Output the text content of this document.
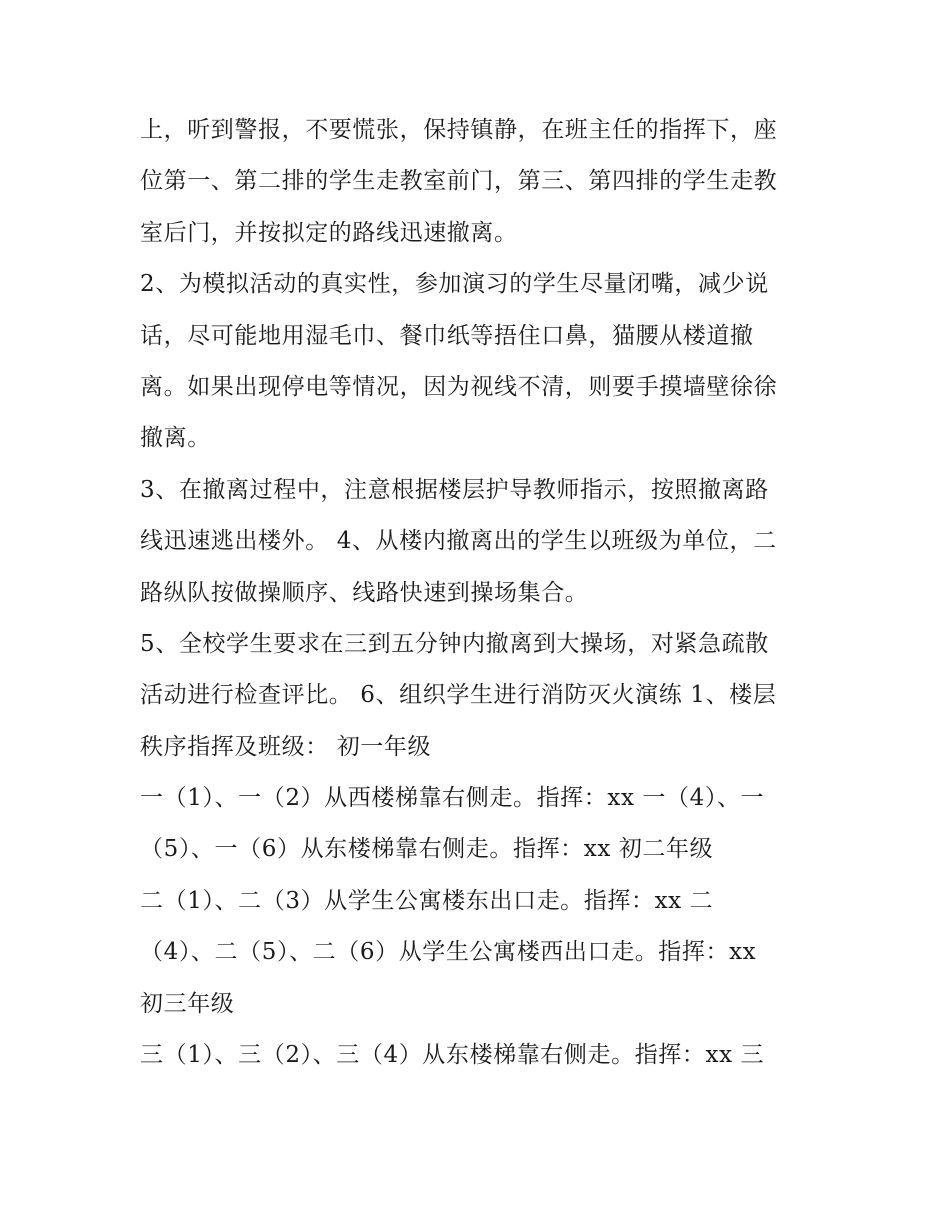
上，听到警报，不要慌张，保持镇静，在班主任的指挥下，座
位第一、第二排的学生走教室前门，第三、第四排的学生走教
室后门，并按拟定的路线迅速撤离。
2、为模拟活动的真实性，参加演习的学生尽量闭嘴，减少说
话，尽可能地用湿毛巾、餐巾纸等捂住口鼻，猫腰从楼道撤
离。如果出现停电等情况，因为视线不清，则要手摸墙壁徐徐
撤离。
3、在撤离过程中，注意根据楼层护导教师指示，按照撤离路
线迅速逃出楼外。 4、从楼内撤离出的学生以班级为单位，二
路纵队按做操顺序、线路快速到操场集合。
5、全校学生要求在三到五分钟内撤离到大操场，对紧急疏散
活动进行检查评比。 6、组织学生进行消防灭火演练 1、楼层
秩序指挥及班级： 初一年级
一（1）、一（2）从西楼梯靠右侧走。指挥：xx 一（4）、一
（5）、一（6）从东楼梯靠右侧走。指挥：xx 初二年级
二（1）、二（3）从学生公寓楼东出口走。指挥：xx 二
（4）、二（5）、二（6）从学生公寓楼西出口走。指挥：xx
初三年级
三（1）、三（2）、三（4）从东楼梯靠右侧走。指挥：xx 三
